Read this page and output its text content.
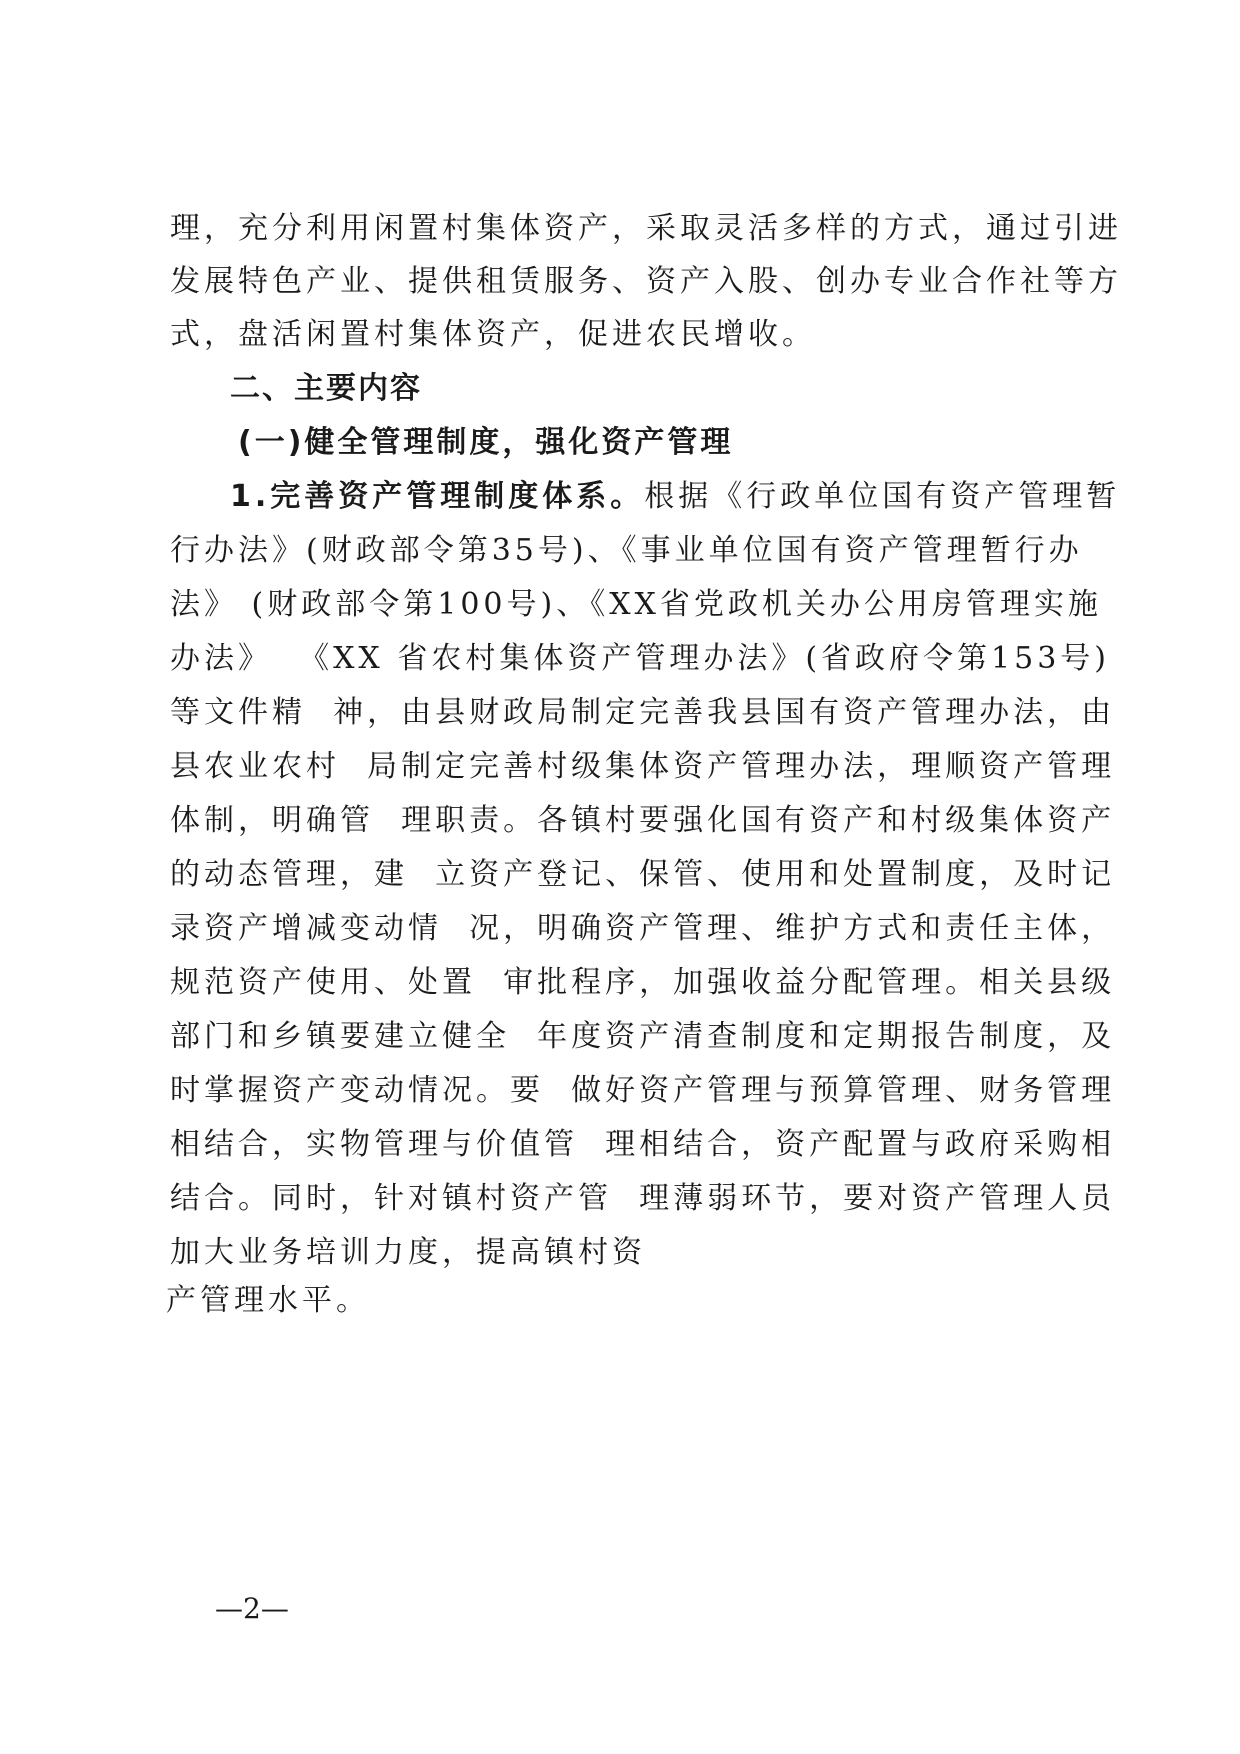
理，充分利用闲置村集体资产，采取灵活多样的方式，通过引进
发展特色产业、提供租赁服务、资产入股、创办专业合作社等方
式，盘活闲置村集体资产，促进农民增收。
二、主要内容
(一)健全管理制度，强化资产管理
1.完善资产管理制度体系。根据《行政单位国有资产管理暂
行办法》(财政部令第35号)、《事业单位国有资产管理暂行办
法》 (财政部令第100号)、《XX省党政机关办公用房管理实施
办法》  《XX 省农村集体资产管理办法》(省政府令第153号)
等文件精  神，由县财政局制定完善我县国有资产管理办法，由
县农业农村  局制定完善村级集体资产管理办法，理顺资产管理
体制，明确管  理职责。各镇村要强化国有资产和村级集体资产
的动态管理，建  立资产登记、保管、使用和处置制度，及时记
录资产增减变动情  况，明确资产管理、维护方式和责任主体，
规范资产使用、处置  审批程序，加强收益分配管理。相关县级
部门和乡镇要建立健全  年度资产清查制度和定期报告制度，及
时掌握资产变动情况。要  做好资产管理与预算管理、财务管理
相结合，实物管理与价值管  理相结合，资产配置与政府采购相
结合。同时，针对镇村资产管  理薄弱环节，要对资产管理人员
加大业务培训力度，提高镇村资
产管理水平。
—2—
